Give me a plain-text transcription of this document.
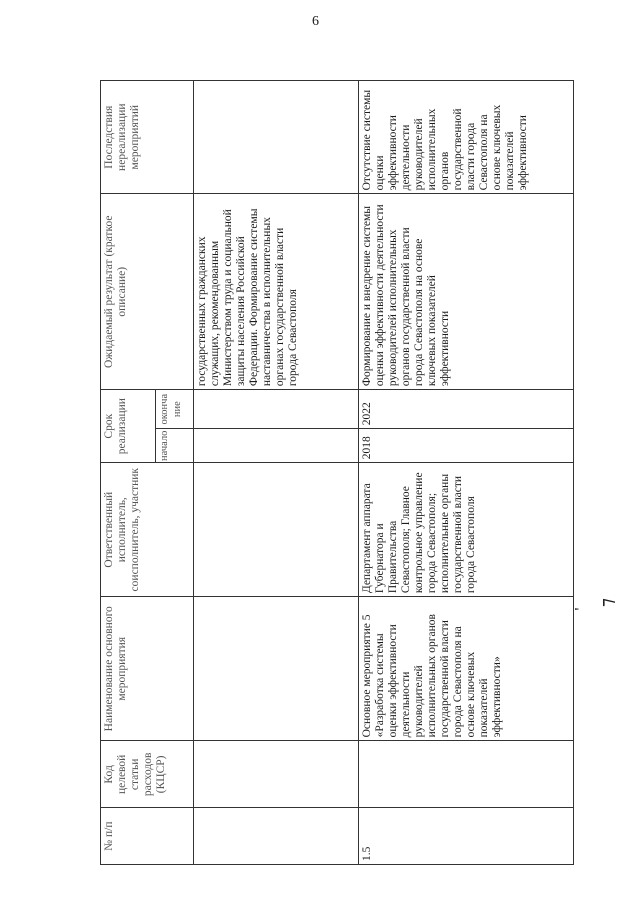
6
№ п/п	Код целевой статьи расходов (КЦСР)	Наименование основного мероприятия	Ответственный исполнитель, соисполнитель, участник	Срок реализации		Ожидаемый результат (краткое описание)	Последствия нереализации мероприятий
				начало	окончание		
						государственных гражданских служащих, рекомендованным Министерством труда и социальной защиты населения Российской Федерации. Формирование системы наставничества в исполнительных органах государственной власти города Севастополя	
1.5		Основное мероприятие 5 «Разработка системы оценки эффективности деятельности руководителей исполнительных органов государственной власти города Севастополя на основе ключевых показателей эффективности»	Департамент аппарата Губернатора и Правительства Севастополя; Главное контрольное управление города Севастополя; исполнительные органы государственной власти города Севастополя	2018	2022	Формирование и внедрение системы оценки эффективности деятельности руководителей исполнительных органов государственной власти города Севастополя на основе ключевых показателей эффективности	Отсутствие системы оценки эффективности деятельности руководителей исполнительных органов государственной власти города Севастополя на основе ключевых показателей эффективности
'
⁊
